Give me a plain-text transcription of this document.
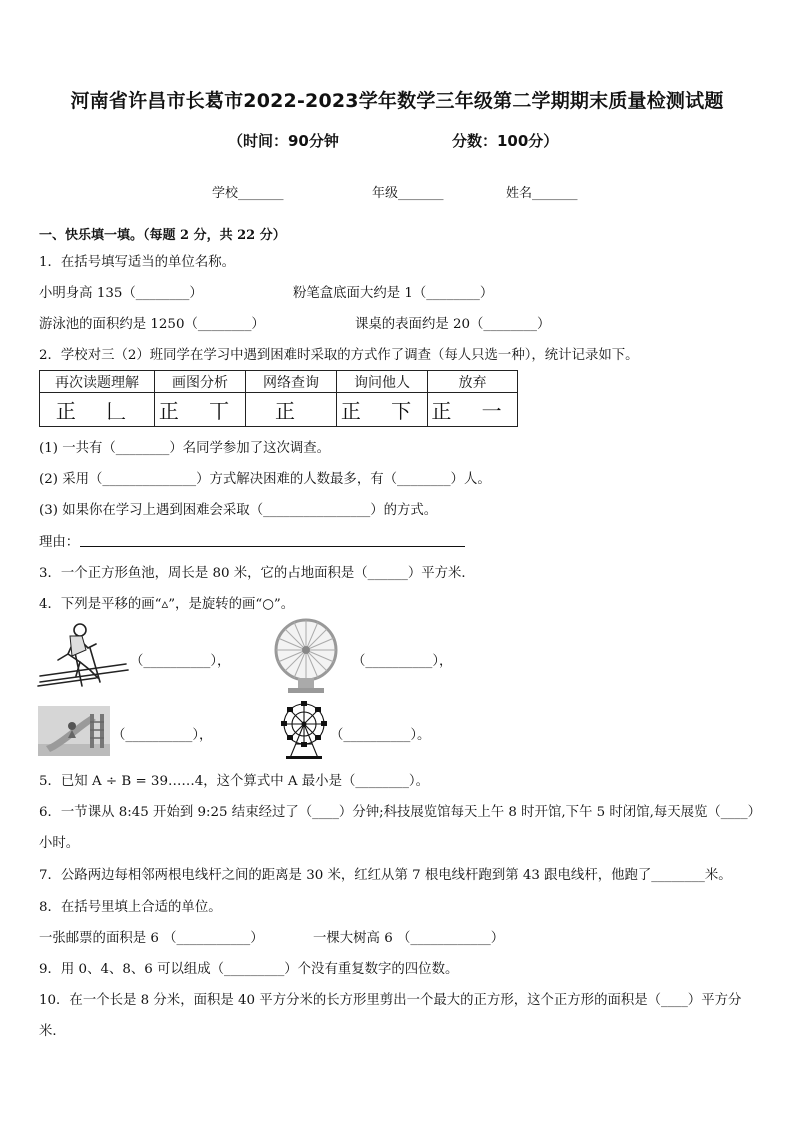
河南省许昌市长葛市2022-2023学年数学三年级第二学期期末质量检测试题
（时间：90分钟	分数：100分）
学校_______	年级_______	姓名_______
一、快乐填一填。（每题 2 分，共 22 分）
1．在括号填写适当的单位名称。
小明身高 135（________）	粉笔盒底面大约是 1（________）
游泳池的面积约是 1250（________）	课桌的表面约是 20（________）
2．学校对三（2）班同学在学习中遇到困难时采取的方式作了调查（每人只选一种），统计记录如下。
再次读题理解	画图分析	网络查询	询问他人	放弃
正 𠃊	正 丅	正	正 下	正 一
(1) 一共有（________）名同学参加了这次调查。
(2) 采用（______________）方式解决困难的人数最多，有（________）人。
(3) 如果你在学习上遇到困难会采取（________________）的方式。
理由：
3．一个正方形鱼池，周长是 80 米，它的占地面积是（______）平方米．
4．下列是平移的画“▵”，是旋转的画“○”。
（__________），	（__________），
（__________），	（__________）。
5．已知 A ÷ B = 39……4，这个算式中 A 最小是（________）。
6．一节课从 8:45 开始到 9:25 结束经过了（____）分钟;科技展览馆每天上午 8 时开馆,下午 5 时闭馆,每天展览（____）
小时。
7．公路两边每相邻两根电线杆之间的距离是 30 米，红红从第 7 根电线杆跑到第 43 跟电线杆，他跑了________米。
8．在括号里填上合适的单位。
一张邮票的面积是 6 （___________）	一棵大树高 6 （____________）
9．用 0、4、8、6 可以组成（_________）个没有重复数字的四位数。
10．在一个长是 8 分米，面积是 40 平方分米的长方形里剪出一个最大的正方形，这个正方形的面积是（____）平方分
米．
